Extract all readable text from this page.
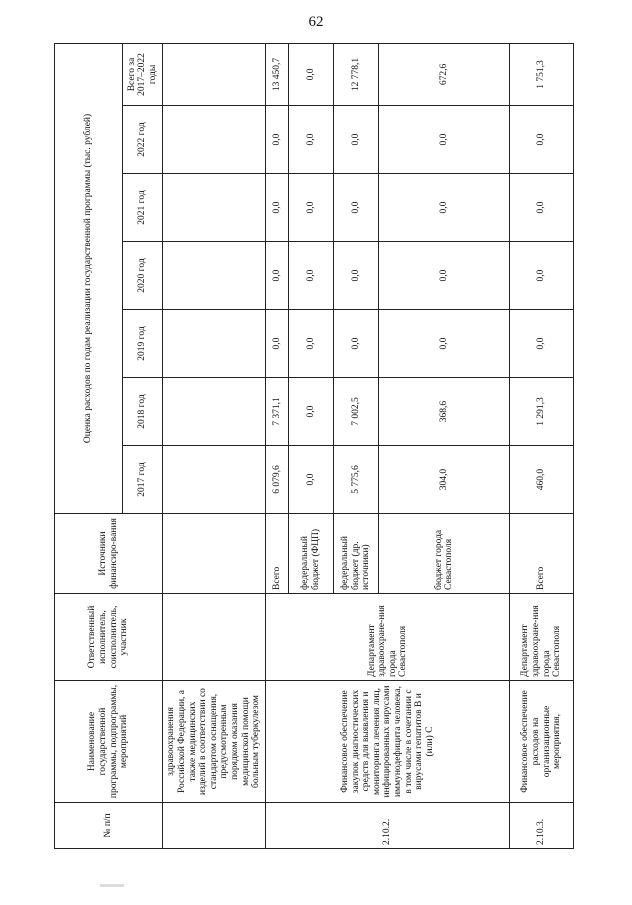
62
№ п/п	Наименование государственной программы, подпрограммы, мероприятий	Ответственный исполнитель, соисполнитель, участник	Источники финансиро-вания	Оценка расходов по годам реализации государственной программы (тыс. рублей)						
				2017 год	2018 год	2019 год	2020 год	2021 год	2022 год	Всего за 2017–2022 годы
	здравоохранения Российской Федерации, а также медицинских изделий в соответствии со стандартом оснащения, предусмотренным порядком оказания медицинской помощи больным туберкулезом									
2.10.2.	Финансовое обеспечение закупок диагностических средств для выявления и мониторинга лечения лиц, инфицированных вирусами иммунодефицита человека, в том числе в сочетании с вирусами гепатитов B и (или) C	Департамент здравоохране-ния города Севастополя	Всего	6 079,6	7 371,1	0,0	0,0	0,0	0,0	13 450,7
			федеральный бюджет (ФЦП)	0,0	0,0	0,0	0,0	0,0	0,0	0,0
			федеральный бюджет (др. источники)	5 775,6	7 002,5	0,0	0,0	0,0	0,0	12 778,1
			бюджет города Севастополя	304,0	368,6	0,0	0,0	0,0	0,0	672,6
2.10.3.	Финансовое обеспечение расходов на организационные мероприятия,	Департамент здравоохране-ния города Севастополя	Всего	460,0	1 291,3	0,0	0,0	0,0	0,0	1 751,3
